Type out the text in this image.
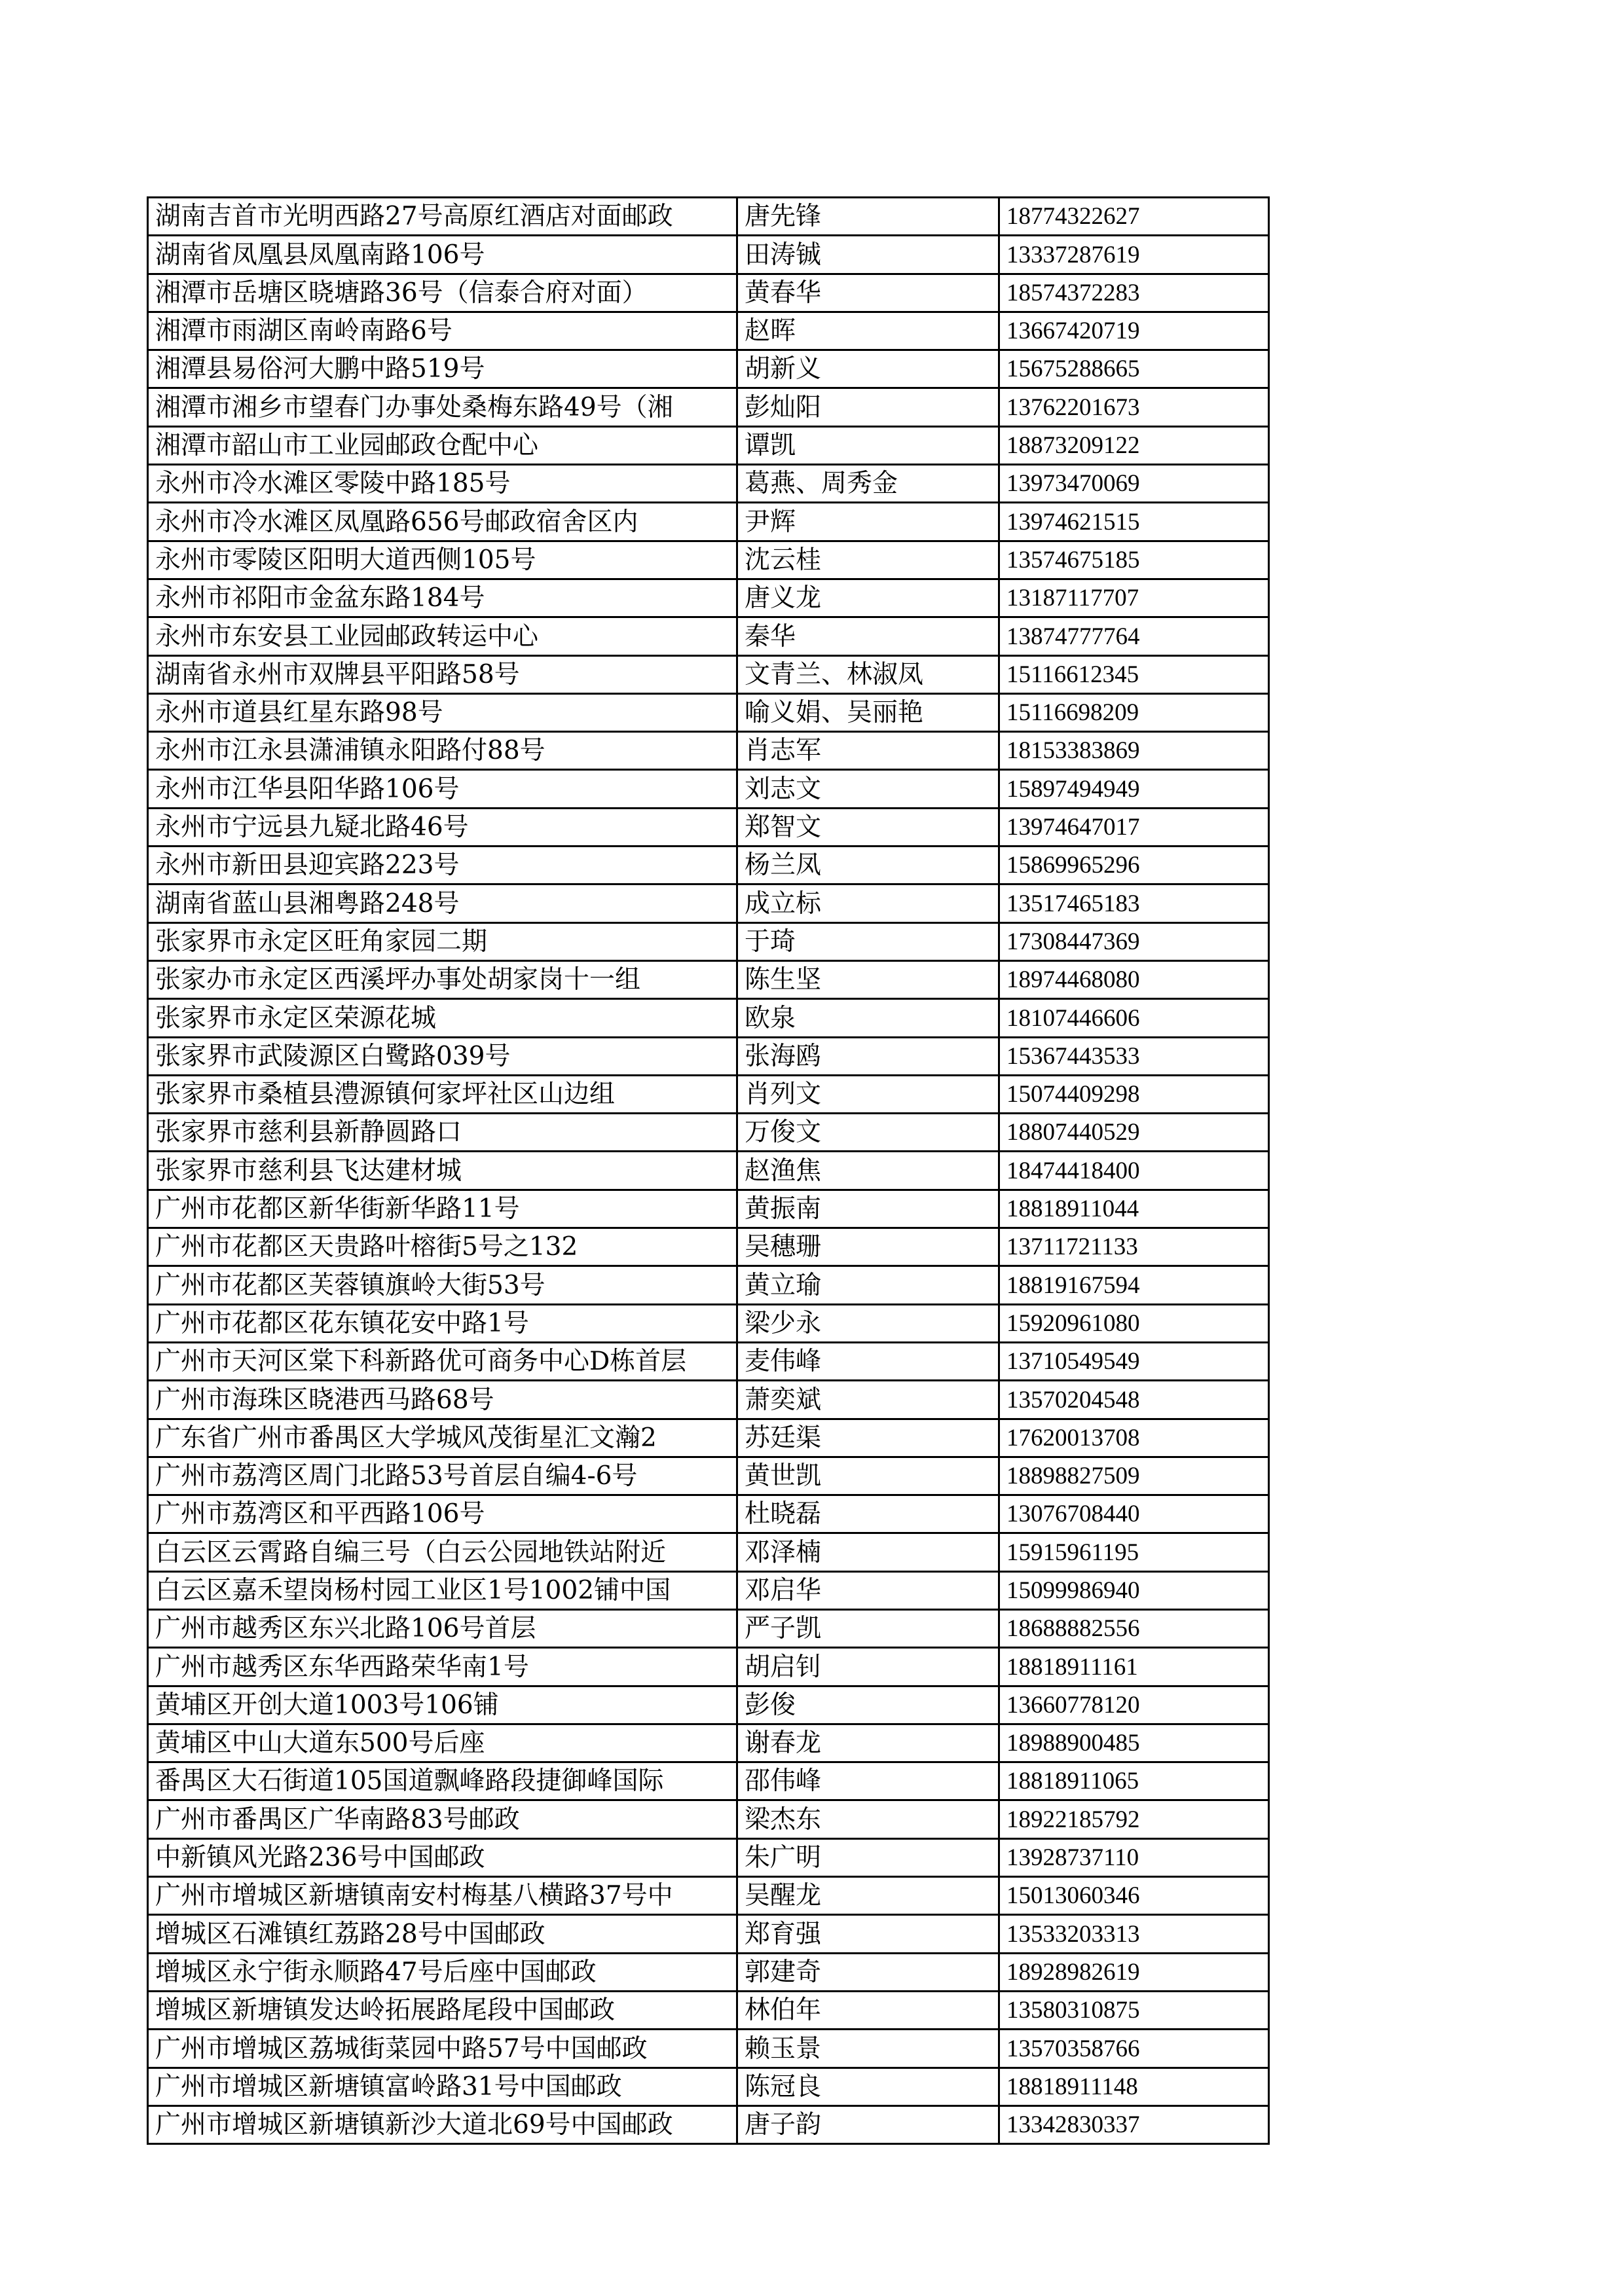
湖南吉首市光明西路27号高原红酒店对面邮政	唐先锋	18774322627
湖南省凤凰县凤凰南路106号	田涛铖	13337287619
湘潭市岳塘区晓塘路36号（信泰合府对面）	黄春华	18574372283
湘潭市雨湖区南岭南路6号	赵晖	13667420719
湘潭县易俗河大鹏中路519号	胡新义	15675288665
湘潭市湘乡市望春门办事处桑梅东路49号（湘	彭灿阳	13762201673
湘潭市韶山市工业园邮政仓配中心	谭凯	18873209122
永州市冷水滩区零陵中路185号	葛燕、周秀金	13973470069
永州市冷水滩区凤凰路656号邮政宿舍区内	尹辉	13974621515
永州市零陵区阳明大道西侧105号	沈云桂	13574675185
永州市祁阳市金盆东路184号	唐义龙	13187117707
永州市东安县工业园邮政转运中心	秦华	13874777764
湖南省永州市双牌县平阳路58号	文青兰、林淑凤	15116612345
永州市道县红星东路98号	喻义娟、吴丽艳	15116698209
永州市江永县潇浦镇永阳路付88号	肖志军	18153383869
永州市江华县阳华路106号	刘志文	15897494949
永州市宁远县九疑北路46号	郑智文	13974647017
永州市新田县迎宾路223号	杨兰凤	15869965296
湖南省蓝山县湘粤路248号	成立标	13517465183
张家界市永定区旺角家园二期	于琦	17308447369
张家办市永定区西溪坪办事处胡家岗十一组	陈生坚	18974468080
张家界市永定区荣源花城	欧泉	18107446606
张家界市武陵源区白鹭路039号	张海鸥	15367443533
张家界市桑植县澧源镇何家坪社区山边组	肖列文	15074409298
张家界市慈利县新静圆路口	万俊文	18807440529
张家界市慈利县飞达建材城	赵渔焦	18474418400
广州市花都区新华街新华路11号	黄振南	18818911044
广州市花都区天贵路叶榕街5号之132	吴穗珊	13711721133
广州市花都区芙蓉镇旗岭大街53号	黄立瑜	18819167594
广州市花都区花东镇花安中路1号	梁少永	15920961080
广州市天河区棠下科新路优可商务中心D栋首层	麦伟峰	13710549549
广州市海珠区晓港西马路68号	萧奕斌	13570204548
广东省广州市番禺区大学城风茂街星汇文瀚2	苏廷渠	17620013708
广州市荔湾区周门北路53号首层自编4-6号	黄世凯	18898827509
广州市荔湾区和平西路106号	杜晓磊	13076708440
白云区云霄路自编三号（白云公园地铁站附近	邓泽楠	15915961195
白云区嘉禾望岗杨村园工业区1号1002铺中国	邓启华	15099986940
广州市越秀区东兴北路106号首层	严子凯	18688882556
广州市越秀区东华西路荣华南1号	胡启钊	18818911161
黄埔区开创大道1003号106铺	彭俊	13660778120
黄埔区中山大道东500号后座	谢春龙	18988900485
番禺区大石街道105国道飘峰路段捷御峰国际	邵伟峰	18818911065
广州市番禺区广华南路83号邮政	梁杰东	18922185792
中新镇风光路236号中国邮政	朱广明	13928737110
广州市增城区新塘镇南安村梅基八横路37号中	吴醒龙	15013060346
增城区石滩镇红荔路28号中国邮政	郑育强	13533203313
增城区永宁街永顺路47号后座中国邮政	郭建奇	18928982619
增城区新塘镇发达岭拓展路尾段中国邮政	林伯年	13580310875
广州市增城区荔城街菜园中路57号中国邮政	赖玉景	13570358766
广州市增城区新塘镇富岭路31号中国邮政	陈冠良	18818911148
广州市增城区新塘镇新沙大道北69号中国邮政	唐子韵	13342830337
